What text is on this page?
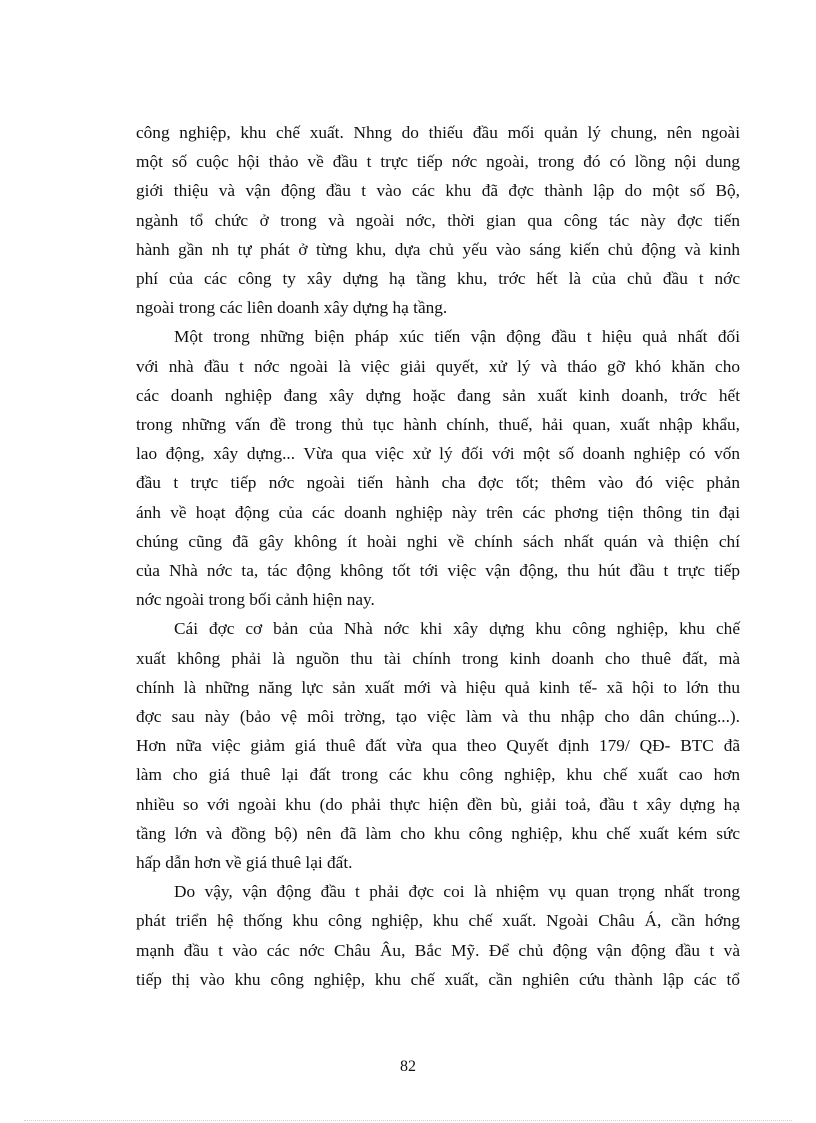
công nghiệp, khu chế xuất. Nhng do thiếu đầu mối quản lý chung, nên ngoài
một số cuộc hội thảo về đầu t trực tiếp nớc ngoài, trong đó có lồng nội dung
giới thiệu và vận động đầu t vào các khu đã đợc thành lập do một số Bộ,
ngành tổ chức ở trong và ngoài nớc, thời gian qua công tác này đợc tiến
hành gần nh tự phát ở từng khu, dựa chủ yếu vào sáng kiến chủ động và kinh
phí của các công ty xây dựng hạ tầng khu, trớc hết là của chủ đầu t nớc
ngoài trong các liên doanh xây dựng hạ tầng.

Một trong những biện pháp xúc tiến vận động đầu t hiệu quả nhất đối
với nhà đầu t nớc ngoài là việc giải quyết, xử lý và tháo gỡ khó khăn cho
các doanh nghiệp đang xây dựng hoặc đang sản xuất kinh doanh, trớc hết
trong những vấn đề trong thủ tục hành chính, thuế, hải quan, xuất nhập khẩu,
lao động, xây dựng... Vừa qua việc xử lý đối với một số doanh nghiệp có vốn
đầu t trực tiếp nớc ngoài tiến hành cha đợc tốt; thêm vào đó việc phản
ánh về hoạt động của các doanh nghiệp này trên các phơng tiện thông tin đại
chúng cũng đã gây không ít hoài nghi về chính sách nhất quán và thiện chí
của Nhà nớc ta, tác động không tốt tới việc vận động, thu hút đầu t trực tiếp
nớc ngoài trong bối cảnh hiện nay.

Cái đợc cơ bản của Nhà nớc khi xây dựng khu công nghiệp, khu chế
xuất không phải là nguồn thu tài chính trong kinh doanh cho thuê đất, mà
chính là những năng lực sản xuất mới và hiệu quả kinh tế- xã hội to lớn thu
đợc sau này (bảo vệ môi trờng, tạo việc làm và thu nhập cho dân chúng...).
Hơn nữa việc giảm giá thuê đất vừa qua theo Quyết định 179/ QĐ- BTC đã
làm cho giá thuê lại đất trong các khu công nghiệp, khu chế xuất cao hơn
nhiều so với ngoài khu (do phải thực hiện đền bù, giải toả, đầu t xây dựng hạ
tầng lớn và đồng bộ) nên đã làm cho khu công nghiệp, khu chế xuất kém sức
hấp dẫn hơn về giá thuê lại đất.

Do vậy, vận động đầu t phải đợc coi là nhiệm vụ quan trọng nhất trong
phát triển hệ thống khu công nghiệp, khu chế xuất. Ngoài Châu Á, cần hớng
mạnh đầu t vào các nớc Châu Âu, Bắc Mỹ. Để chủ động vận động đầu t và
tiếp thị vào khu công nghiệp, khu chế xuất, cần nghiên cứu thành lập các tổ

82
